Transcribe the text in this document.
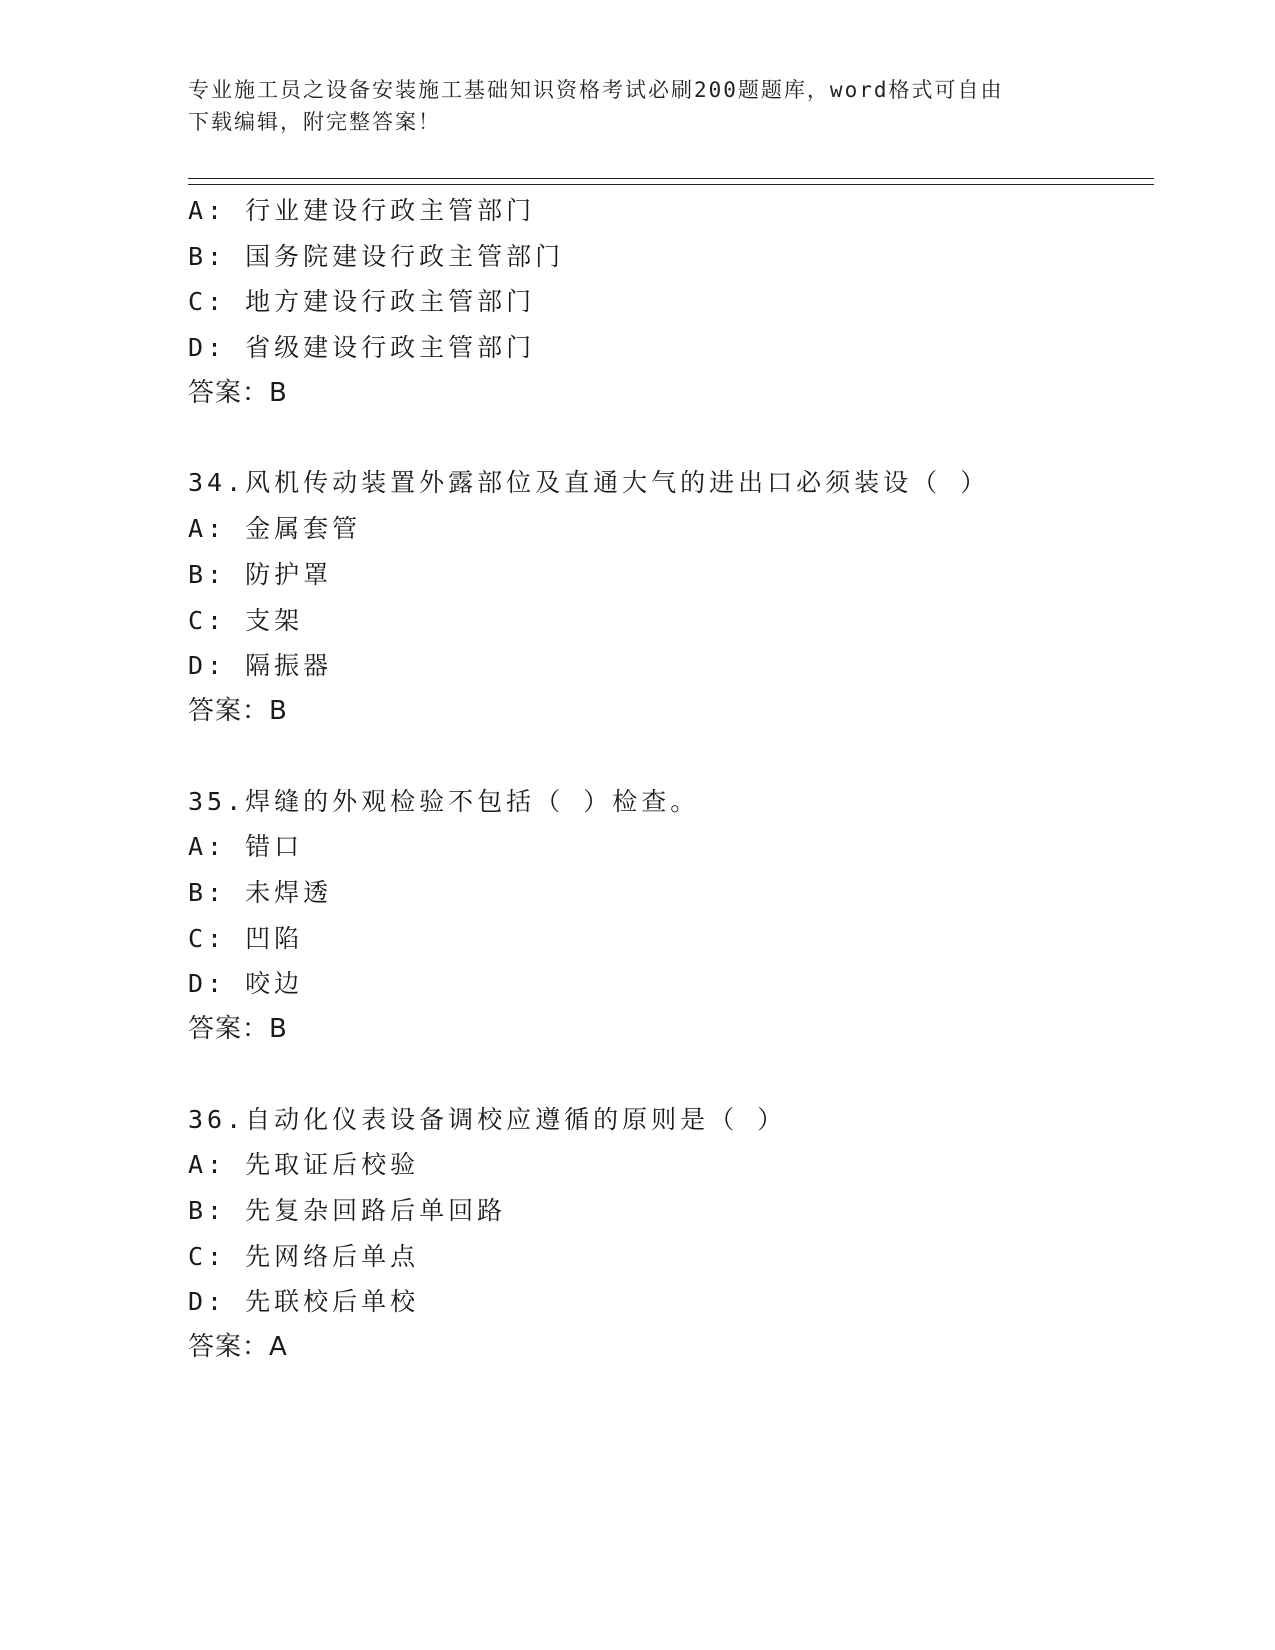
专业施工员之设备安装施工基础知识资格考试必刷200题题库，word格式可自由
下载编辑，附完整答案！
A: 行业建设行政主管部门
B: 国务院建设行政主管部门
C: 地方建设行政主管部门
D: 省级建设行政主管部门
答案：B
34.风机传动装置外露部位及直通大气的进出口必须装设（ ）
A: 金属套管
B: 防护罩
C: 支架
D: 隔振器
答案：B
35.焊缝的外观检验不包括（ ）检查。
A: 错口
B: 未焊透
C: 凹陷
D: 咬边
答案：B
36.自动化仪表设备调校应遵循的原则是（ ）
A: 先取证后校验
B: 先复杂回路后单回路
C: 先网络后单点
D: 先联校后单校
答案：A
